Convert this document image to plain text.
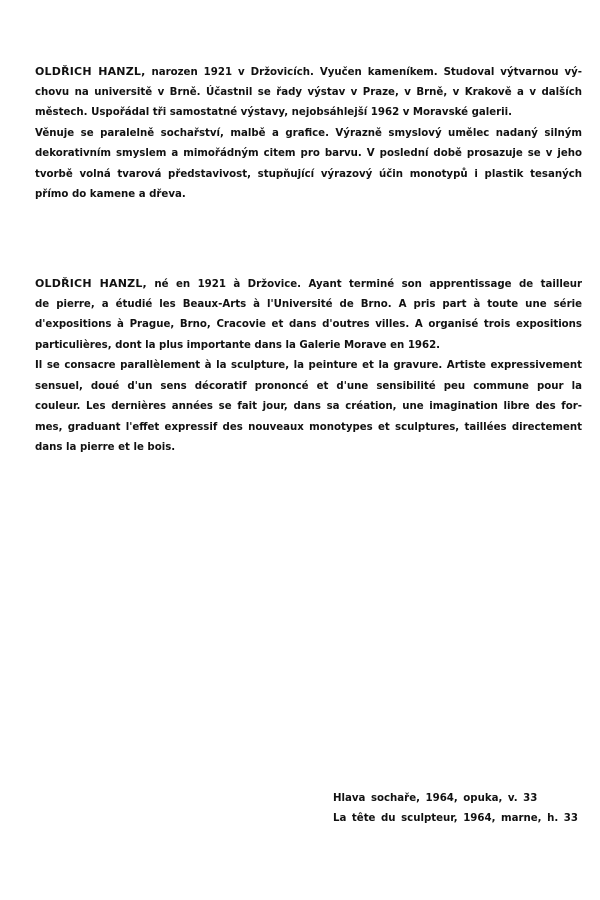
OLDŘICH HANZL, narozen 1921 v Držovicích. Vyučen kameníkem. Studoval výtvarnou vý-
chovu na universitě v Brně. Účastnil se řady výstav v Praze, v Brně, v Krakově a v dalších
městech. Uspořádal tři samostatné výstavy, nejobsáhlejší 1962 v Moravské galerii.
Věnuje se paralelně sochařství, malbě a grafice. Výrazně smyslový umělec nadaný silným
dekorativním smyslem a mimořádným citem pro barvu. V poslední době prosazuje se v jeho
tvorbě volná tvarová představivost, stupňující výrazový účin monotypů i plastik tesaných
přímo do kamene a dřeva.
OLDŘICH HANZL, né en 1921 à Držovice. Ayant terminé son apprentissage de tailleur
de pierre, a étudié les Beaux-Arts à l'Université de Brno. A pris part à toute une série
d'expositions à Prague, Brno, Cracovie et dans d'outres villes. A organisé trois expositions
particulières, dont la plus importante dans la Galerie Morave en 1962.
Il se consacre parallèlement à la sculpture, la peinture et la gravure. Artiste expressivement
sensuel, doué d'un sens décoratif prononcé et d'une sensibilité peu commune pour la
couleur. Les dernières années se fait jour, dans sa création, une imagination libre des for-
mes, graduant l'effet expressif des nouveaux monotypes et sculptures, taillées directement
dans la pierre et le bois.
Hlava sochaře, 1964, opuka, v. 33
La tête du sculpteur, 1964, marne, h. 33
